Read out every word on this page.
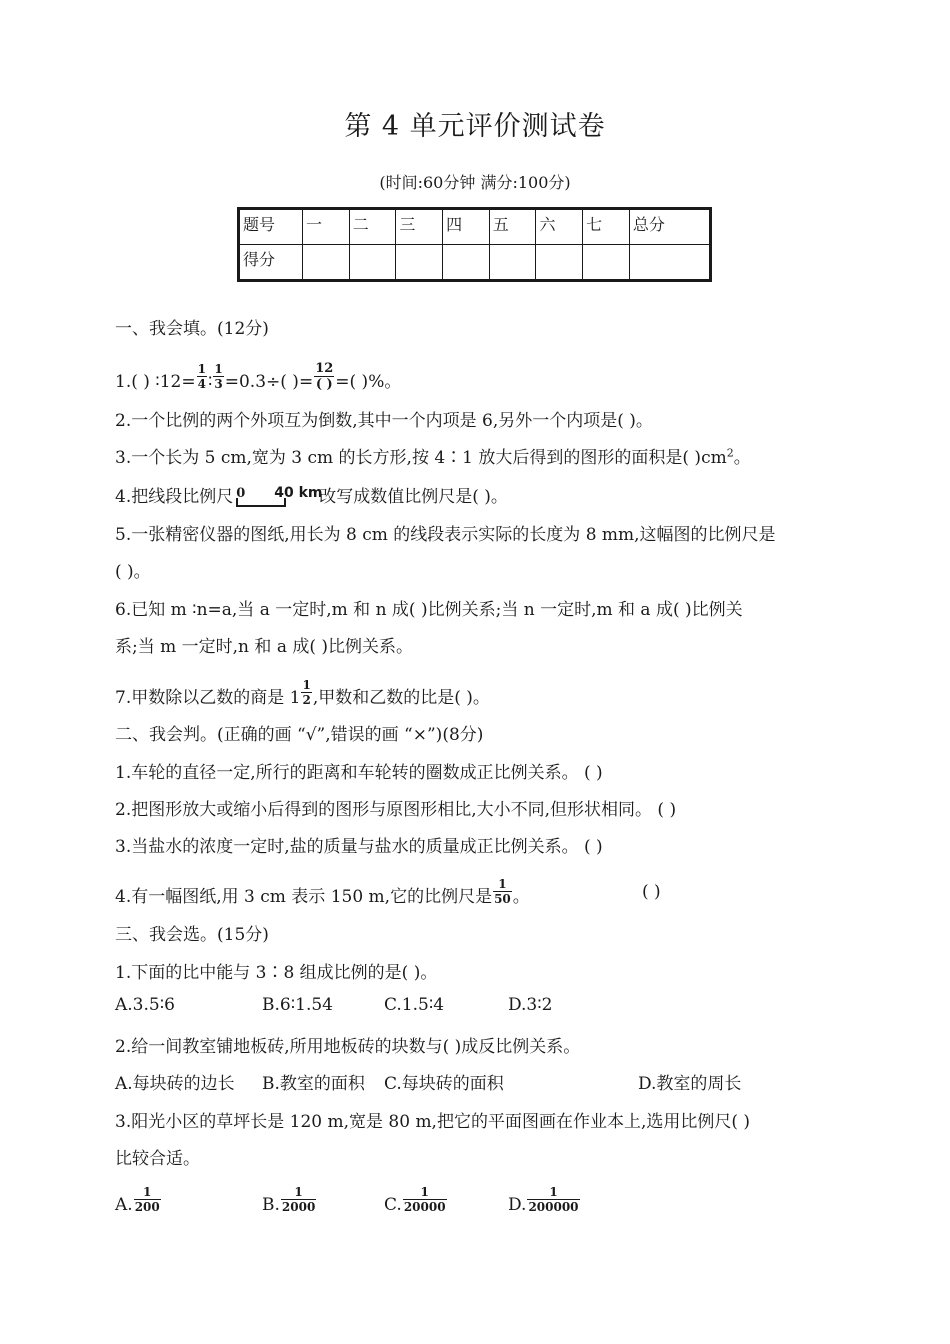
第 4 单元评价测试卷
(时间:60分钟 满分:100分)
题号	一	二	三	四	五	六	七	总分
得分								
一、我会填。(12分)
1.( ) ∶12= $\frac{1}{4}$ ∶ $\frac{1}{3} =0.3\div$( )= $\frac{12}{( )}$ =( )%。
2.一个比例的两个外项互为倒数,其中一个内项是 6,另外一个内项是( )。
3.一个长为 5 cm,宽为 3 cm 的长方形,按 4∶1 放大后得到的图形的面积是( )$cm^2$。
4.把线段比例尺 0 40 km
改写成数值比例尺是( )。
5.一张精密仪器的图纸,用长为 8 cm 的线段表示实际的长度为 8 mm,这幅图的比例尺是
( )。
6.已知 m ∶n=a,当 a 一定时,m 和 n 成( )比例关系;当 n 一定时,m 和 a 成( )比例关
系;当 m 一定时,n 和 a 成( )比例关系。
7.甲数除以乙数的商是 $1 \frac{1}{2}$ ,甲数和乙数的比是( )。
二、我会判。(正确的画 “√”,错误的画 “×”)(8分)
1.车轮的直径一定,所行的距离和车轮转的圈数成正比例关系。 ( )
2.把图形放大或缩小后得到的图形与原图形相比,大小不同,但形状相同。 ( )
3.当盐水的浓度一定时,盐的质量与盐水的质量成正比例关系。 ( )
4.有一幅图纸,用 3 cm 表示 150 m,它的比例尺是 $\frac{1}{50}$ 。	( )
三、我会选。(15分)
1.下面的比中能与 3∶8 组成比例的是( )。
A.3.5∶6	B.6∶1.54	C.1.5∶4	D.3∶2
2.给一间教室铺地板砖,所用地板砖的块数与( )成反比例关系。
A.每块砖的边长 B.教室的面积 C.每块砖的面积	D.教室的周长
3.阳光小区的草坪长是 120 m,宽是 80 m,把它的平面图画在作业本上,选用比例尺( )
比较合适。
A. $\frac{1}{200}$	B. $\frac{1}{2000}$	C. $\frac{1}{20000}$	D. $\frac{1}{200000}$
